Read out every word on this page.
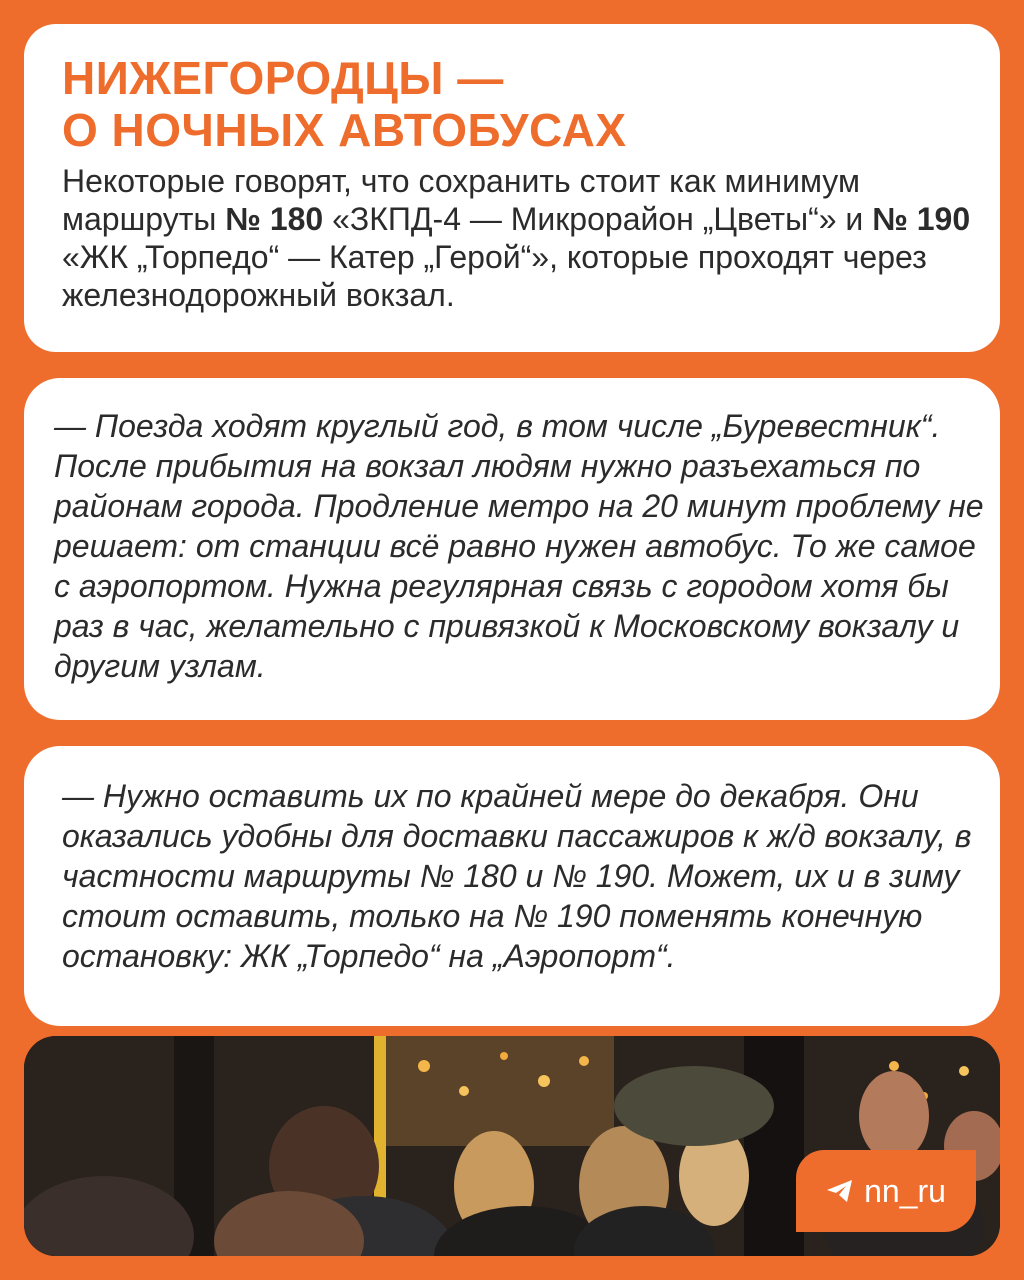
НИЖЕГОРОДЦЫ —
О НОЧНЫХ АВТОБУСАХ

Некоторые говорят, что сохранить стоит как минимум маршруты № 180 «ЗКПД-4 — Микрорайон „Цветы“» и № 190 «ЖК „Торпедо“ — Катер „Герой“», которые проходят через железнодорожный вокзал.

— Поезда ходят круглый год, в том числе „Буревестник“. После прибытия на вокзал людям нужно разъехаться по районам города. Продление метро на 20 минут проблему не решает: от станции всё равно нужен автобус. То же самое с аэропортом. Нужна регулярная связь с городом хотя бы раз в час, желательно с привязкой к Московскому вокзалу и другим узлам.

— Нужно оставить их по крайней мере до декабря. Они оказались удобны для доставки пассажиров к ж/д вокзалу, в частности маршруты № 180 и № 190. Может, их и в зиму стоит оставить, только на № 190 поменять конечную остановку: ЖК „Торпедо“ на „Аэропорт“.

nn_ru
